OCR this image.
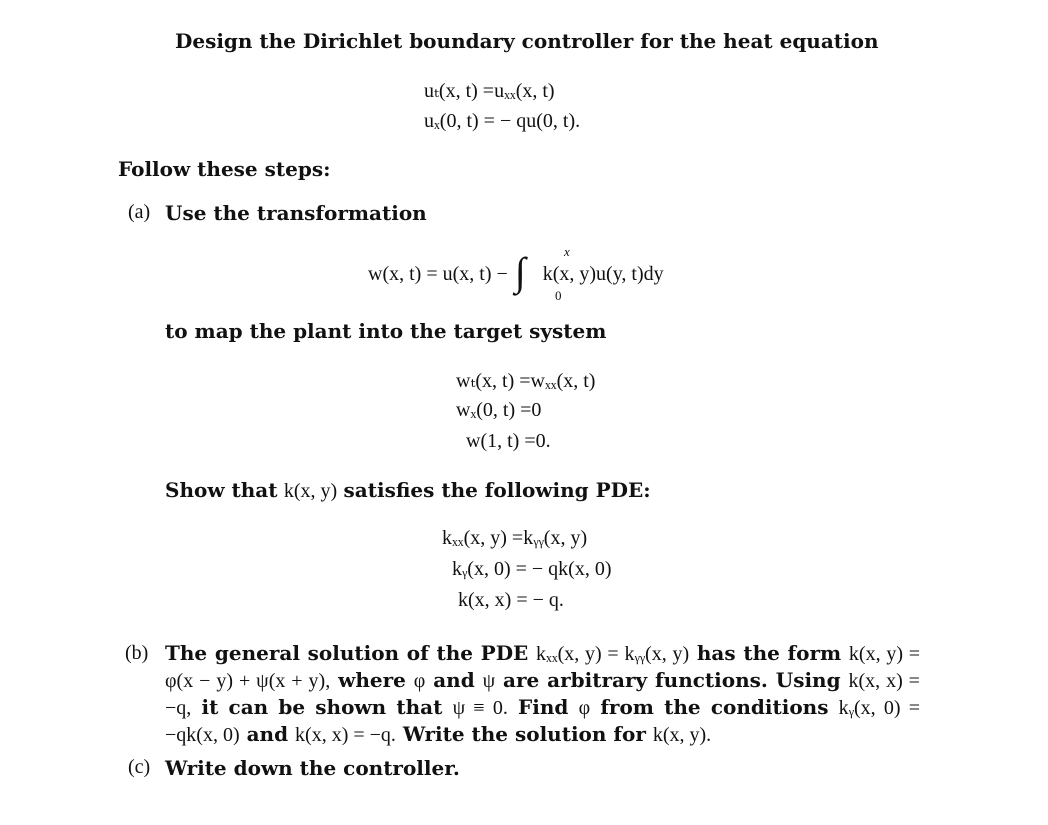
Design the Dirichlet boundary controller for the heat equation
uₜ(x, t) =uₓₓ(x, t)
uₓ(0, t) = − qu(0, t).
Follow these steps:
(a) Use the transformation
w(x, t) = u(x, t) − ∫	x
0
k(x, y)u(y, t)dy
to map the plant into the target system
wₜ(x, t) =wₓₓ(x, t)
wₓ(0, t) =0
w(1, t) =0.
Show that k(x, y) satisfies the following PDE:
kₓₓ(x, y) =kᵧᵧ(x, y)
kᵧ(x, 0) = − qk(x, 0)
k(x, x) = − q.
(b) The general solution of the PDE kₓₓ(x, y) = kᵧᵧ(x, y) has the form k(x, y) = φ(x − y) + ψ(x + y), where φ and ψ are arbitrary functions. Using k(x, x) = −q, it can be shown that ψ ≡ 0. Find φ from the conditions kᵧ(x, 0) = −qk(x, 0) and k(x, x) = −q. Write the solution for k(x, y).
(c) Write down the controller.
